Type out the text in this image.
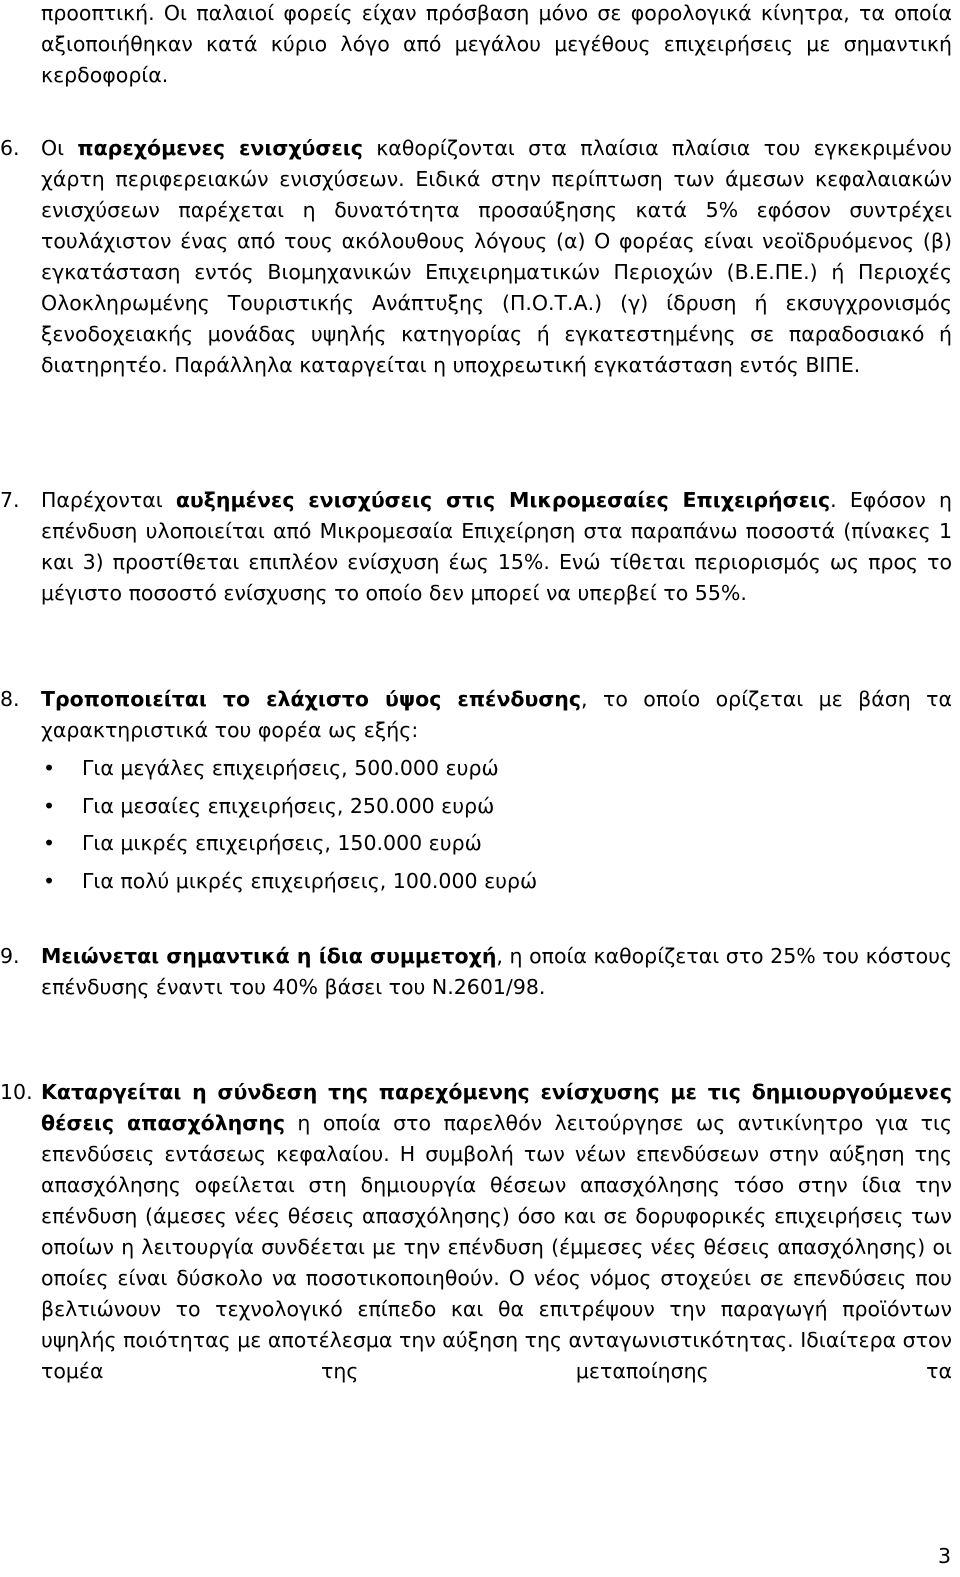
προοπτική. Οι παλαιοί φορείς είχαν πρόσβαση μόνο σε φορολογικά κίνητρα, τα οποία αξιοποιήθηκαν κατά κύριο λόγο από μεγάλου μεγέθους επιχειρήσεις με σημαντική κερδοφορία.

6. Οι παρεχόμενες ενισχύσεις καθορίζονται στα πλαίσια πλαίσια του εγκεκριμένου χάρτη περιφερειακών ενισχύσεων. Ειδικά στην περίπτωση των άμεσων κεφαλαιακών ενισχύσεων παρέχεται η δυνατότητα προσαύξησης κατά 5% εφόσον συντρέχει τουλάχιστον ένας από τους ακόλουθους λόγους (α) Ο φορέας είναι νεοϊδρυόμενος (β) εγκατάσταση εντός Βιομηχανικών Επιχειρηματικών Περιοχών (Β.Ε.ΠΕ.) ή Περιοχές Ολοκληρωμένης Τουριστικής Ανάπτυξης (Π.Ο.Τ.Α.) (γ) ίδρυση ή εκσυγχρονισμός ξενοδοχειακής μονάδας υψηλής κατηγορίας ή εγκατεστημένης σε παραδοσιακό ή διατηρητέο. Παράλληλα καταργείται η υποχρεωτική εγκατάσταση εντός ΒΙΠΕ.

7. Παρέχονται αυξημένες ενισχύσεις στις Μικρομεσαίες Επιχειρήσεις. Εφόσον η επένδυση υλοποιείται από Μικρομεσαία Επιχείρηση στα παραπάνω ποσοστά (πίνακες 1 και 3) προστίθεται επιπλέον ενίσχυση έως 15%. Ενώ τίθεται περιορισμός ως προς το μέγιστο ποσοστό ενίσχυσης το οποίο δεν μπορεί να υπερβεί το 55%.

8. Τροποποιείται το ελάχιστο ύψος επένδυσης, το οποίο ορίζεται με βάση τα χαρακτηριστικά του φορέα ως εξής:

• Για μεγάλες επιχειρήσεις, 500.000 ευρώ
• Για μεσαίες επιχειρήσεις, 250.000 ευρώ
• Για μικρές επιχειρήσεις, 150.000 ευρώ
• Για πολύ μικρές επιχειρήσεις, 100.000 ευρώ
9. Μειώνεται σημαντικά η ίδια συμμετοχή, η οποία καθορίζεται στο 25% του κόστους επένδυσης έναντι του 40% βάσει του Ν.2601/98.

10. Καταργείται η σύνδεση της παρεχόμενης ενίσχυσης με τις δημιουργούμενες θέσεις απασχόλησης η οποία στο παρελθόν λειτούργησε ως αντικίνητρο για τις επενδύσεις εντάσεως κεφαλαίου. Η συμβολή των νέων επενδύσεων στην αύξηση της απασχόλησης οφείλεται στη δημιουργία θέσεων απασχόλησης τόσο στην ίδια την επένδυση (άμεσες νέες θέσεις απασχόλησης) όσο και σε δορυφορικές επιχειρήσεις των οποίων η λειτουργία συνδέεται με την επένδυση (έμμεσες νέες θέσεις απασχόλησης) οι οποίες είναι δύσκολο να ποσοτικοποιηθούν. Ο νέος νόμος στοχεύει σε επενδύσεις που βελτιώνουν το τεχνολογικό επίπεδο και θα επιτρέψουν την παραγωγή προϊόντων υψηλής ποιότητας με αποτέλεσμα την αύξηση της ανταγωνιστικότητας. Ιδιαίτερα στον τομέα της μεταποίησης τα

3
